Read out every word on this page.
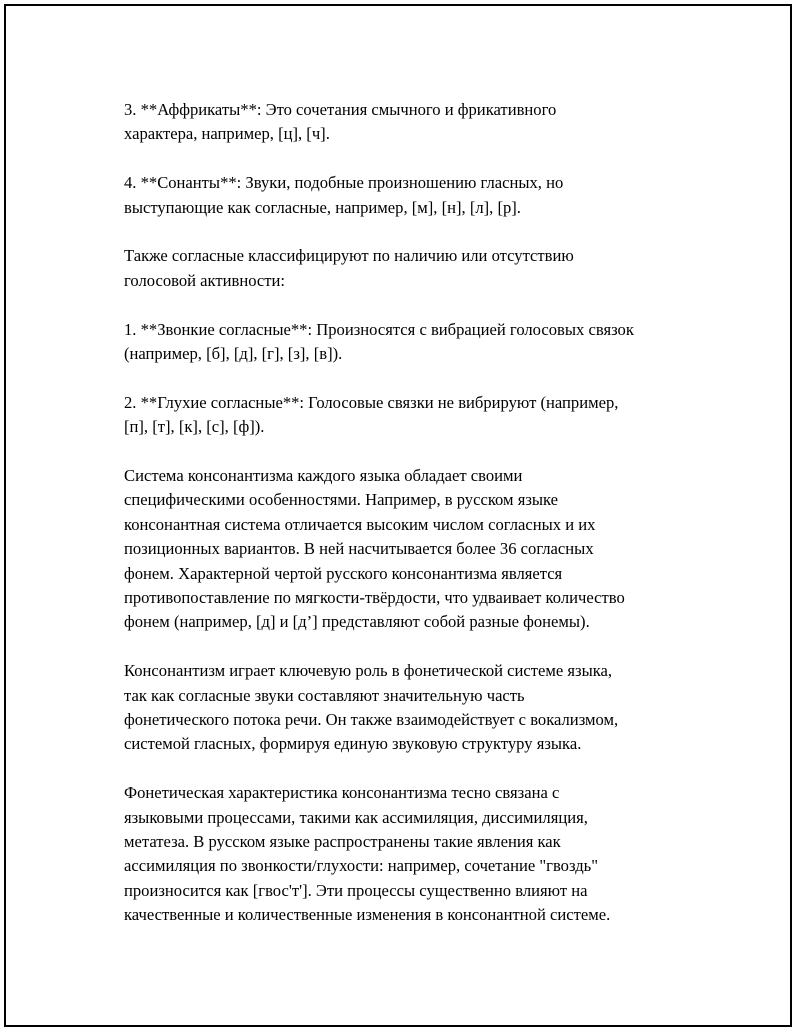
3. **Аффрикаты**: Это сочетания смычного и фрикативного
характера, например, [ц], [ч].

4. **Сонанты**: Звуки, подобные произношению гласных, но
выступающие как согласные, например, [м], [н], [л], [р].

Также согласные классифицируют по наличию или отсутствию
голосовой активности:

1. **Звонкие согласные**: Произносятся с вибрацией голосовых связок
(например, [б], [д], [г], [з], [в]).

2. **Глухие согласные**: Голосовые связки не вибрируют (например,
[п], [т], [к], [с], [ф]).

Система консонантизма каждого языка обладает своими
специфическими особенностями. Например, в русском языке
консонантная система отличается высоким числом согласных и их
позиционных вариантов. В ней насчитывается более 36 согласных
фонем. Характерной чертой русского консонантизма является
противопоставление по мягкости-твёрдости, что удваивает количество
фонем (например, [д] и [д’] представляют собой разные фонемы).

Консонантизм играет ключевую роль в фонетической системе языка,
так как согласные звуки составляют значительную часть
фонетического потока речи. Он также взаимодействует с вокализмом,
системой гласных, формируя единую звуковую структуру языка.

Фонетическая характеристика консонантизма тесно связана с
языковыми процессами, такими как ассимиляция, диссимиляция,
метатеза. В русском языке распространены такие явления как
ассимиляция по звонкости/глухости: например, сочетание "гвоздь"
произносится как [гвос'т']. Эти процессы существенно влияют на
качественные и количественные изменения в консонантной системе.
